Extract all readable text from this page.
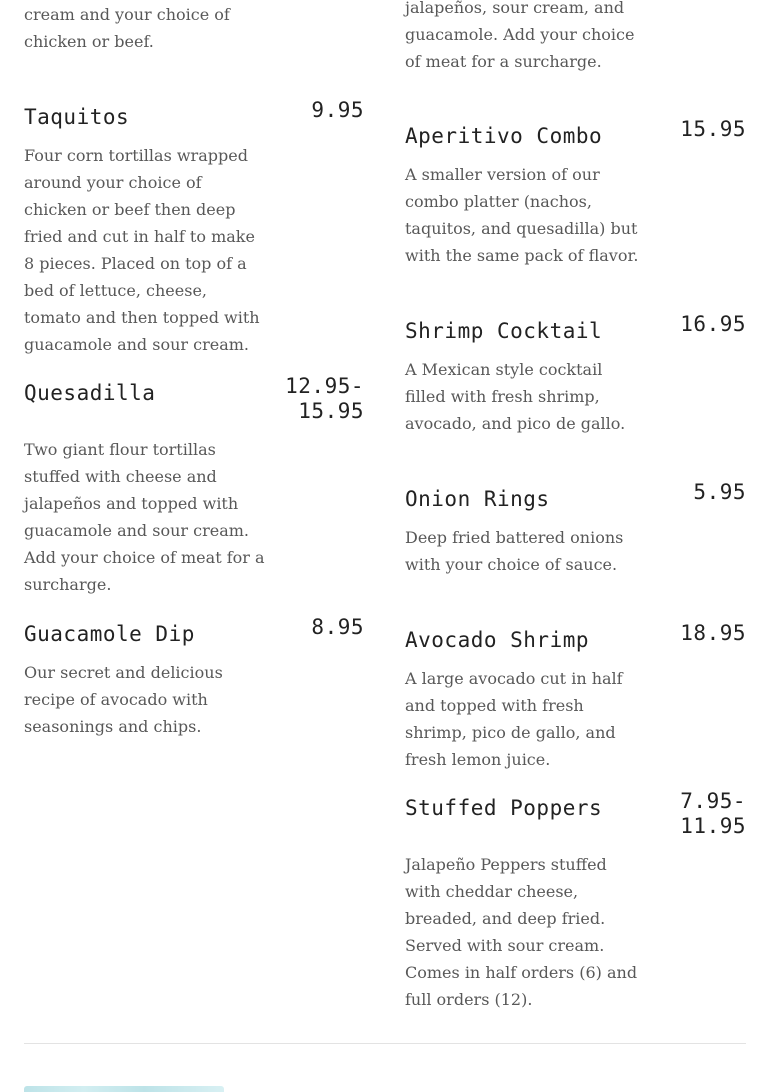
cream and your choice of chicken or beef.

Taquitos	9.95

Four corn tortillas wrapped around your choice of chicken or beef then deep fried and cut in half to make 8 pieces. Placed on top of a bed of lettuce, cheese, tomato and then topped with guacamole and sour cream.

Quesadilla	12.95-15.95

Two giant flour tortillas stuffed with cheese and jalapeños and topped with guacamole and sour cream. Add your choice of meat for a surcharge.

Guacamole Dip	8.95

Our secret and delicious recipe of avocado with seasonings and chips.

jalapeños, sour cream, and guacamole. Add your choice of meat for a surcharge.

Aperitivo Combo	15.95

A smaller version of our combo platter (nachos, taquitos, and quesadilla) but with the same pack of flavor.

Shrimp Cocktail	16.95

A Mexican style cocktail filled with fresh shrimp, avocado, and pico de gallo.

Onion Rings	5.95

Deep fried battered onions with your choice of sauce.

Avocado Shrimp	18.95

A large avocado cut in half and topped with fresh shrimp, pico de gallo, and fresh lemon juice.

Stuffed Poppers	7.95-11.95

Jalapeño Peppers stuffed with cheddar cheese, breaded, and deep fried. Served with sour cream. Comes in half orders (6) and full orders (12).
